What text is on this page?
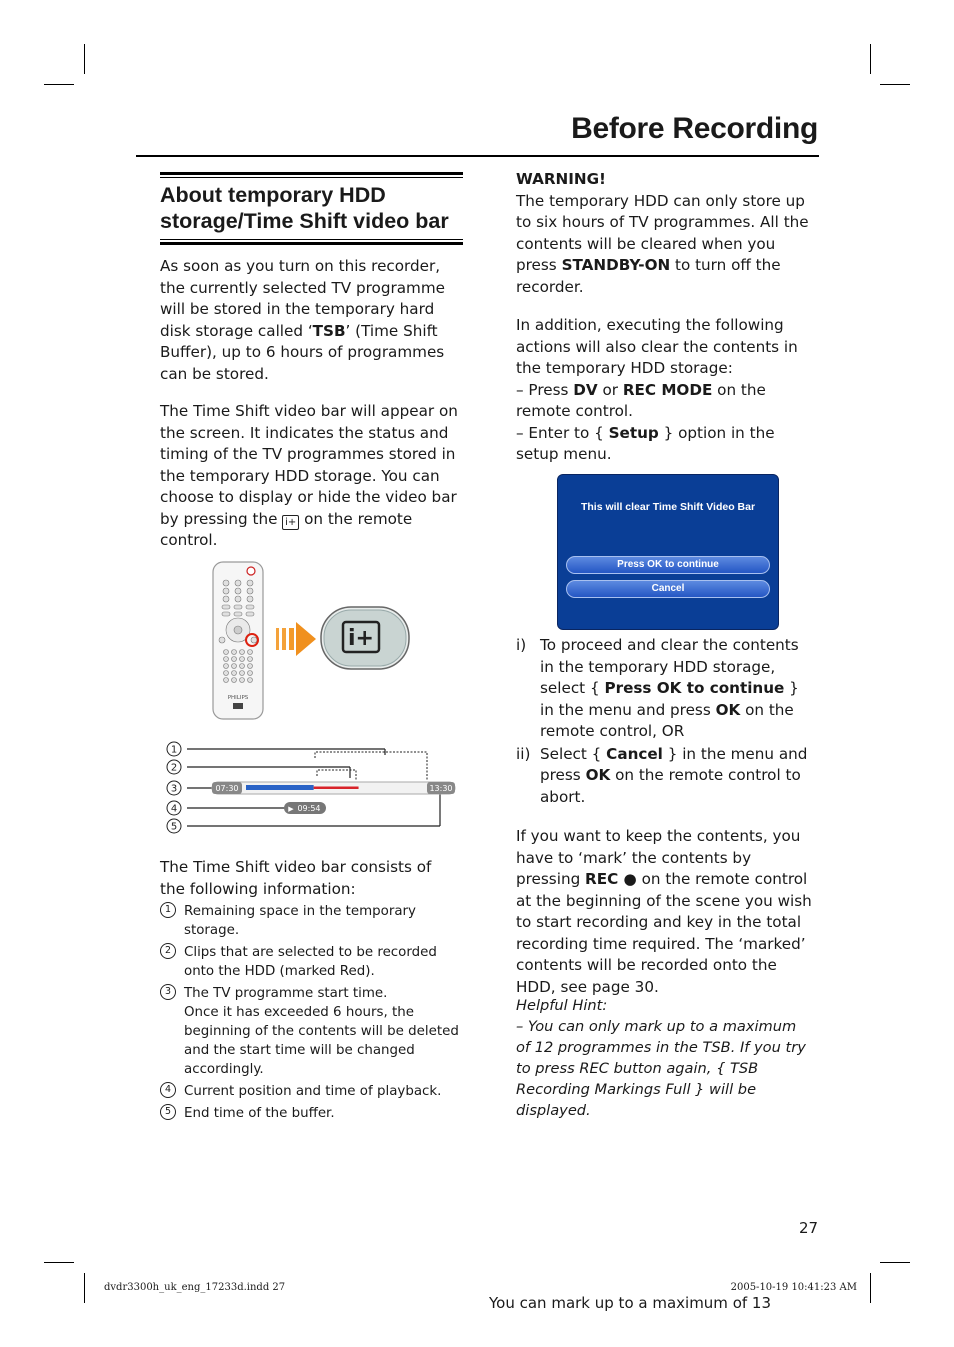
Before Recording
About temporary HDD storage/Time Shift video bar
As soon as you turn on this recorder, the currently selected TV programme will be stored in the temporary hard disk storage called ‘TSB’ (Time Shift Buffer), up to 6 hours of programmes can be stored.
The Time Shift video bar will appear on the screen. It indicates the status and timing of the TV programmes stored in the temporary HDD storage. You can choose to display or hide the video bar by pressing the i+ on the remote control.
PHILIPS
i+
1
2
3
4
5
07:30	13:30
▶ 09:54
The Time Shift video bar consists of the following information:
1 Remaining space in the temporary storage.
2 Clips that are selected to be recorded onto the HDD (marked Red).
3 The TV programme start time.
Once it has exceeded 6 hours, the beginning of the contents will be deleted and the start time will be changed accordingly.
4 Current position and time of playback.
5 End time of the buffer.
WARNING!
The temporary HDD can only store up to six hours of TV programmes. All the contents will be cleared when you press STANDBY-ON to turn off the recorder.
In addition, executing the following actions will also clear the contents in the temporary HDD storage:
– Press DV or REC MODE on the remote control.
– Enter to { Setup } option in the setup menu.
This will clear Time Shift Video Bar
Press OK to continue
Cancel
i) To proceed and clear the contents in the temporary HDD storage, select { Press OK to continue } in the menu and press OK on the remote control, OR
ii) Select { Cancel } in the menu and press OK on the remote control to abort.
If you want to keep the contents, you have to ‘mark’ the contents by pressing REC ● on the remote control at the beginning of the scene you wish to start recording and key in the total recording time required. The ‘marked’ contents will be recorded onto the HDD, see page 30.
Helpful Hint:
– You can only mark up to a maximum of 12 programmes in the TSB. If you try to press REC button again, { TSB Recording Markings Full } will be displayed.
27
dvdr3300h_uk_eng_17233d.indd 27	2005-10-19 10:41:23 AM
You can mark up to a maximum of 13
